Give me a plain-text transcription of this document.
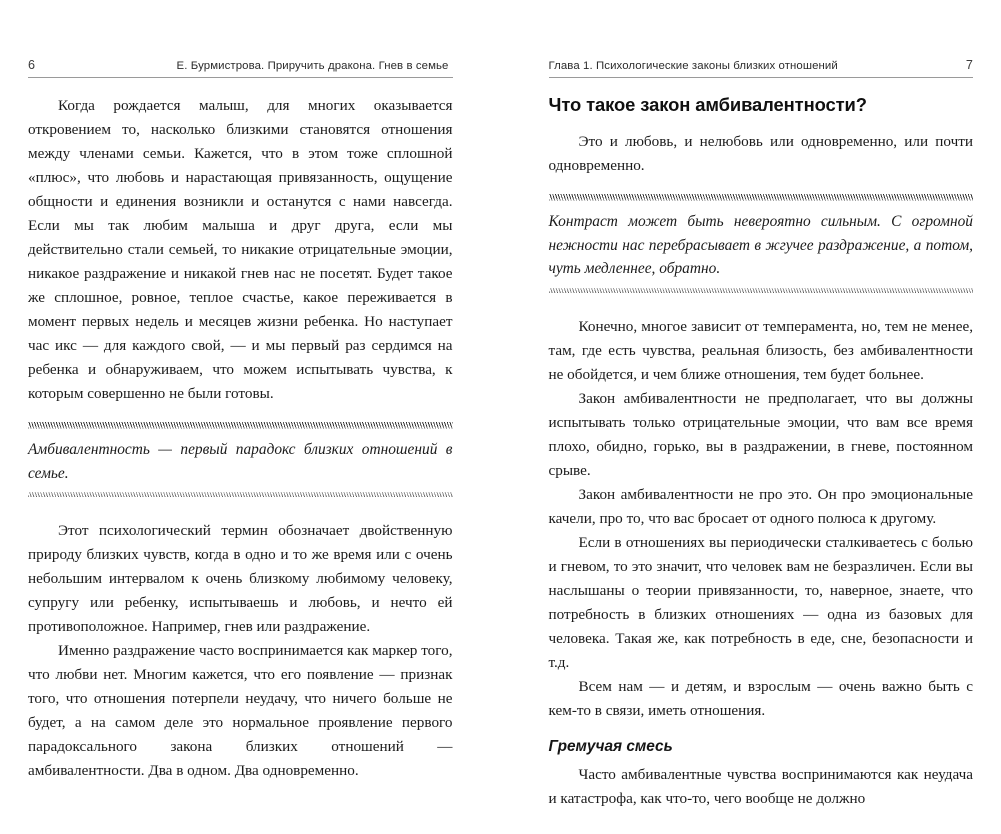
6	Е. Бурмистрова. Приручить дракона. Гнев в семье

Когда рождается малыш, для многих оказывается откровением то, насколько близкими становятся отношения между членами семьи. Кажется, что в этом тоже сплошной «плюс», что любовь и нарастающая привязанность, ощущение общности и единения возникли и останутся с нами навсегда. Если мы так любим малыша и друг друга, если мы действительно стали семьей, то никакие отрицательные эмоции, никакое раздражение и никакой гнев нас не посетят. Будет такое же сплошное, ровное, теплое счастье, какое переживается в момент первых недель и месяцев жизни ребенка. Но наступает час икс — для каждого свой, — и мы первый раз сердимся на ребенка и обнаруживаем, что можем испытывать чувства, к которым совершенно не были готовы.

Амбивалентность — первый парадокс близких отношений в семье.

Этот психологический термин обозначает двойственную природу близких чувств, когда в одно и то же время или с очень небольшим интервалом к очень близкому любимому человеку, супругу или ребенку, испытываешь и любовь, и нечто ей противоположное. Например, гнев или раздражение.

Именно раздражение часто воспринимается как маркер того, что любви нет. Многим кажется, что его появление — признак того, что отношения потерпели неудачу, что ничего больше не будет, а на самом деле это нормальное проявление первого парадоксального закона близких отношений — амбивалентности. Два в одном. Два одновременно.

Глава 1. Психологические законы близких отношений	7
Что такое закон амбивалентности?

Это и любовь, и нелюбовь или одновременно, или почти одновременно.

Контраст может быть невероятно сильным. С огромной нежности нас перебрасывает в жгучее раздражение, а потом, чуть медленнее, обратно.

Конечно, многое зависит от темперамента, но, тем не менее, там, где есть чувства, реальная близость, без амбивалентности не обойдется, и чем ближе отношения, тем будет больнее.

Закон амбивалентности не предполагает, что вы должны испытывать только отрицательные эмоции, что вам все время плохо, обидно, горько, вы в раздражении, в гневе, постоянном срыве.

Закон амбивалентности не про это. Он про эмоциональные качели, про то, что вас бросает от одного полюса к другому.

Если в отношениях вы периодически сталкиваетесь с болью и гневом, то это значит, что человек вам не безразличен. Если вы наслышаны о теории привязанности, то, наверное, знаете, что потребность в близких отношениях — одна из базовых для человека. Такая же, как потребность в еде, сне, безопасности и т.д.

Всем нам — и детям, и взрослым — очень важно быть с кем-то в связи, иметь отношения.

Гремучая смесь

Часто амбивалентные чувства воспринимаются как неудача и катастрофа, как что-то, чего вообще не должно
